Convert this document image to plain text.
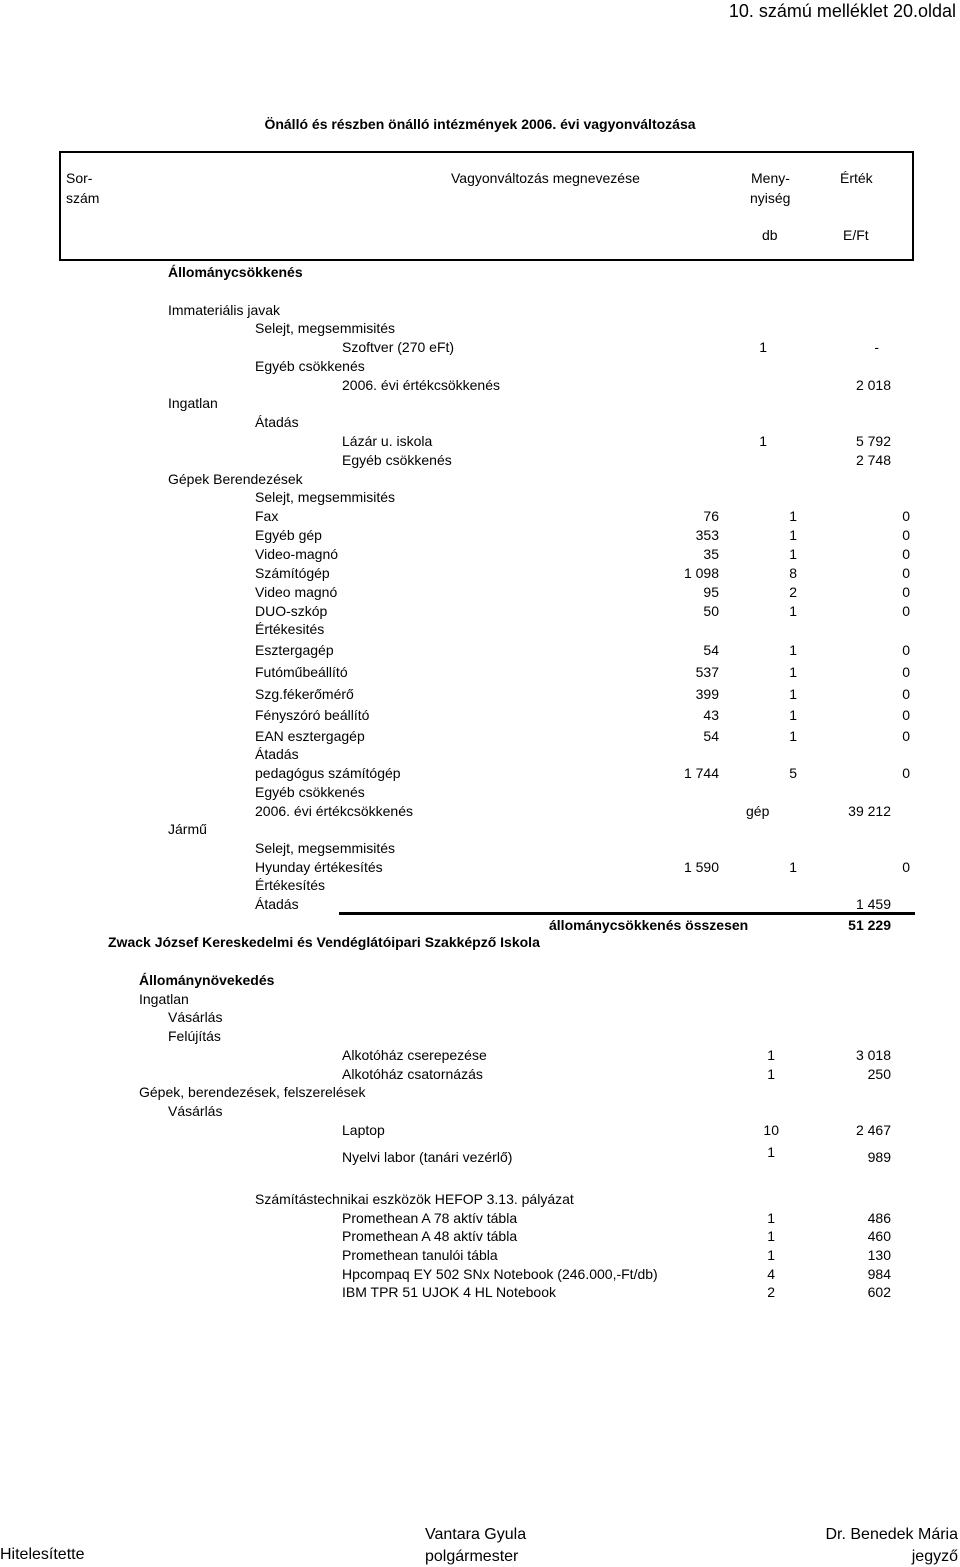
10. számú melléklet 20.oldal
Önálló és részben önálló intézmények 2006. évi vagyonváltozása
Sor-
szám
Vagyonváltozás megnevezése	Meny-
nyiség
Érték
db	E/Ft
Állománycsökkenés
Immateriális javak
Selejt, megsemmisités
Szoftver (270 eFt)	1	-
Egyéb csökkenés
2006. évi értékcsökkenés	2 018
Ingatlan
Átadás
Lázár u. iskola	1	5 792
Egyéb csökkenés	2 748
Gépek Berendezések
Selejt, megsemmisités
Fax	76	1	0
Egyéb gép	353	1	0
Video-magnó	35	1	0
Számítógép	1 098	8	0
Video magnó	95	2	0
DUO-szkóp	50	1	0
Értékesités
Esztergagép	54	1	0
Futóműbeállító	537	1	0
Szg.fékerőmérő	399	1	0
Fényszóró beállító	43	1	0
EAN esztergagép	54	1	0
Átadás
pedagógus számítógép	1 744	5	0
Egyéb csökkenés
2006. évi értékcsökkenés	gép	39 212
Jármű
Selejt, megsemmisités
Hyunday értékesítés	1 590	1	0
Értékesítés
Átadás	1 459
állománycsökkenés összesen	51 229
Zwack József Kereskedelmi és Vendéglátóipari Szakképző Iskola
Állománynövekedés
Ingatlan
Vásárlás
Felújítás
Alkotóház cserepezése	1	3 018
Alkotóház csatornázás	1	250
Gépek, berendezések, felszerelések
Vásárlás
Laptop	10	2 467
Nyelvi labor (tanári vezérlő)	1	989
Számítástechnikai eszközök HEFOP 3.13. pályázat
Promethean A 78 aktív tábla	1	486
Promethean A 48 aktív tábla	1	460
Promethean tanulói tábla	1	130
Hpcompaq EY 502 SNx Notebook (246.000,-Ft/db)	4	984
IBM TPR 51 UJOK 4 HL Notebook	2	602
Hitelesítette
Vantara Gyula
polgármester
Dr. Benedek Mária
jegyző
